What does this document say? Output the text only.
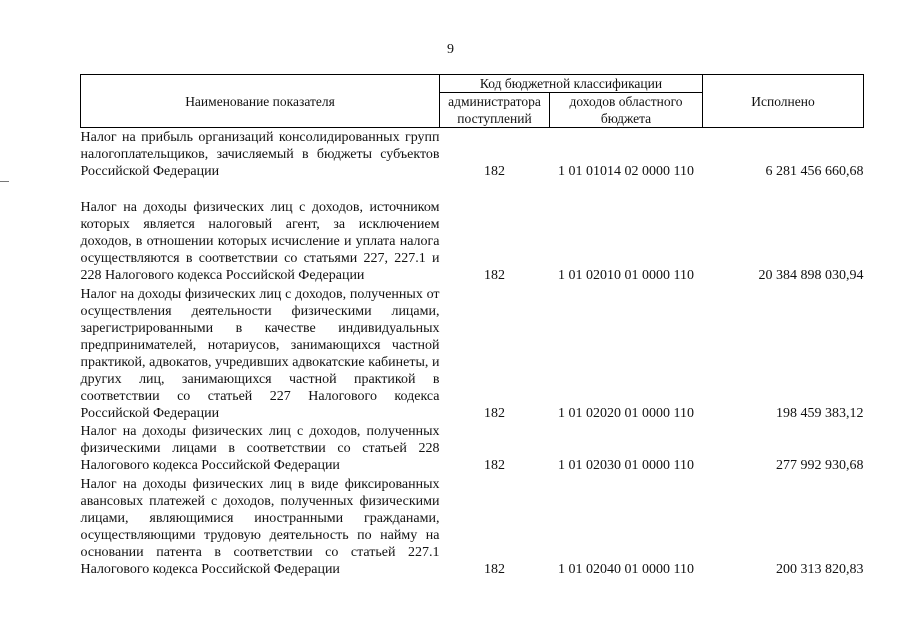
9
Наименование показателя	Код бюджетной классификации		Исполнено
	администратора поступлений	доходов областного бюджета	
Налог на прибыль организаций консолидированных групп налогоплательщиков, зачисляемый в бюджеты субъектов Российской Федерации	182	1 01 01014 02 0000 110	6 281 456 660,68
Налог на доходы физических лиц с доходов, источником которых является налоговый агент, за исключением доходов, в отношении которых исчисление и уплата налога осуществляются в соответствии со статьями 227, 227.1 и 228 Налогового кодекса Российской Федерации	182	1 01 02010 01 0000 110	20 384 898 030,94
Налог на доходы физических лиц с доходов, полученных от осуществления деятельности физическими лицами, зарегистрированными в качестве индивидуальных предпринимателей, нотариусов, занимающихся частной практикой, адвокатов, учредивших адвокатские кабинеты, и других лиц, занимающихся частной практикой в соответствии со статьей 227 Налогового кодекса Российской Федерации	182	1 01 02020 01 0000 110	198 459 383,12
Налог на доходы физических лиц с доходов, полученных физическими лицами в соответствии со статьей 228 Налогового кодекса Российской Федерации	182	1 01 02030 01 0000 110	277 992 930,68
Налог на доходы физических лиц в виде фиксированных авансовых платежей с доходов, полученных физическими лицами, являющимися иностранными гражданами, осуществляющими трудовую деятельность по найму на основании патента в соответствии со статьей 227.1 Налогового кодекса Российской Федерации	182	1 01 02040 01 0000 110	200 313 820,83
